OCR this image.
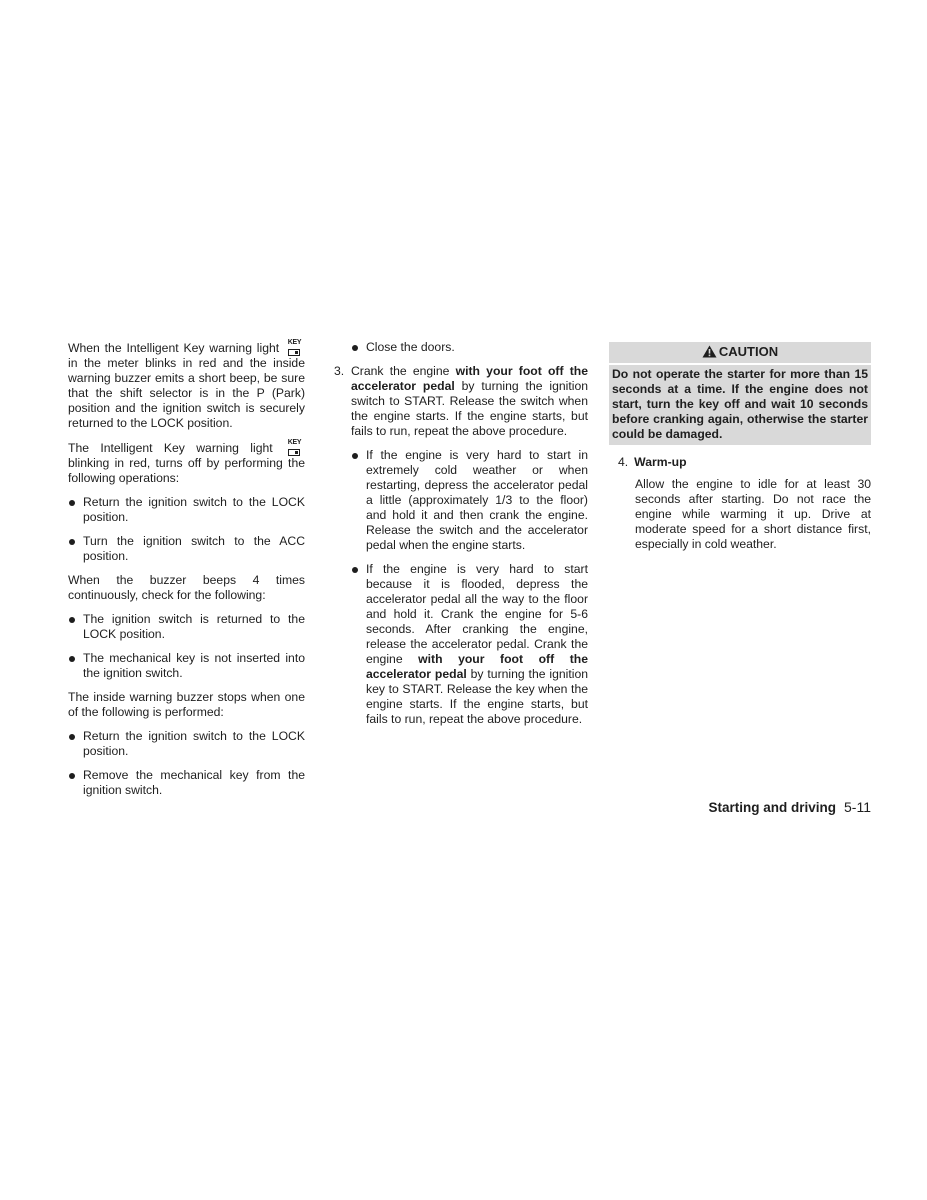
When the Intelligent Key warning light KEY
in the meter blinks in red and the inside warning buzzer emits a short beep, be sure that the shift selector is in the P (Park) position and the ignition switch is securely returned to the LOCK position.

The Intelligent Key warning light KEY
blinking in red, turns off by performing the following operations:

Return the ignition switch to the LOCK position.
Turn the ignition switch to the ACC position.

When the buzzer beeps 4 times continuously, check for the following:

The ignition switch is returned to the LOCK position.
The mechanical key is not inserted into the ignition switch.

The inside warning buzzer stops when one of the following is performed:

Return the ignition switch to the LOCK position.
Remove the mechanical key from the ignition switch.
Close the doors.
3. Crank the engine with your foot off the accelerator pedal by turning the ignition switch to START. Release the switch when the engine starts. If the engine starts, but fails to run, repeat the above procedure.
If the engine is very hard to start in extremely cold weather or when restarting, depress the accelerator pedal a little (approximately 1/3 to the floor) and hold it and then crank the engine. Release the switch and the accelerator pedal when the engine starts.
If the engine is very hard to start because it is flooded, depress the accelerator pedal all the way to the floor and hold it. Crank the engine for 5-6 seconds. After cranking the engine, release the accelerator pedal. Crank the engine with your foot off the accelerator pedal by turning the ignition key to START. Release the key when the engine starts. If the engine starts, but fails to run, repeat the above procedure.
CAUTION
Do not operate the starter for more than 15 seconds at a time. If the engine does not start, turn the key off and wait 10 seconds before cranking again, otherwise the starter could be damaged.
4. Warm-up
Allow the engine to idle for at least 30 seconds after starting. Do not race the engine while warming it up. Drive at moderate speed for a short distance first, especially in cold weather.
Starting and driving 5-11
